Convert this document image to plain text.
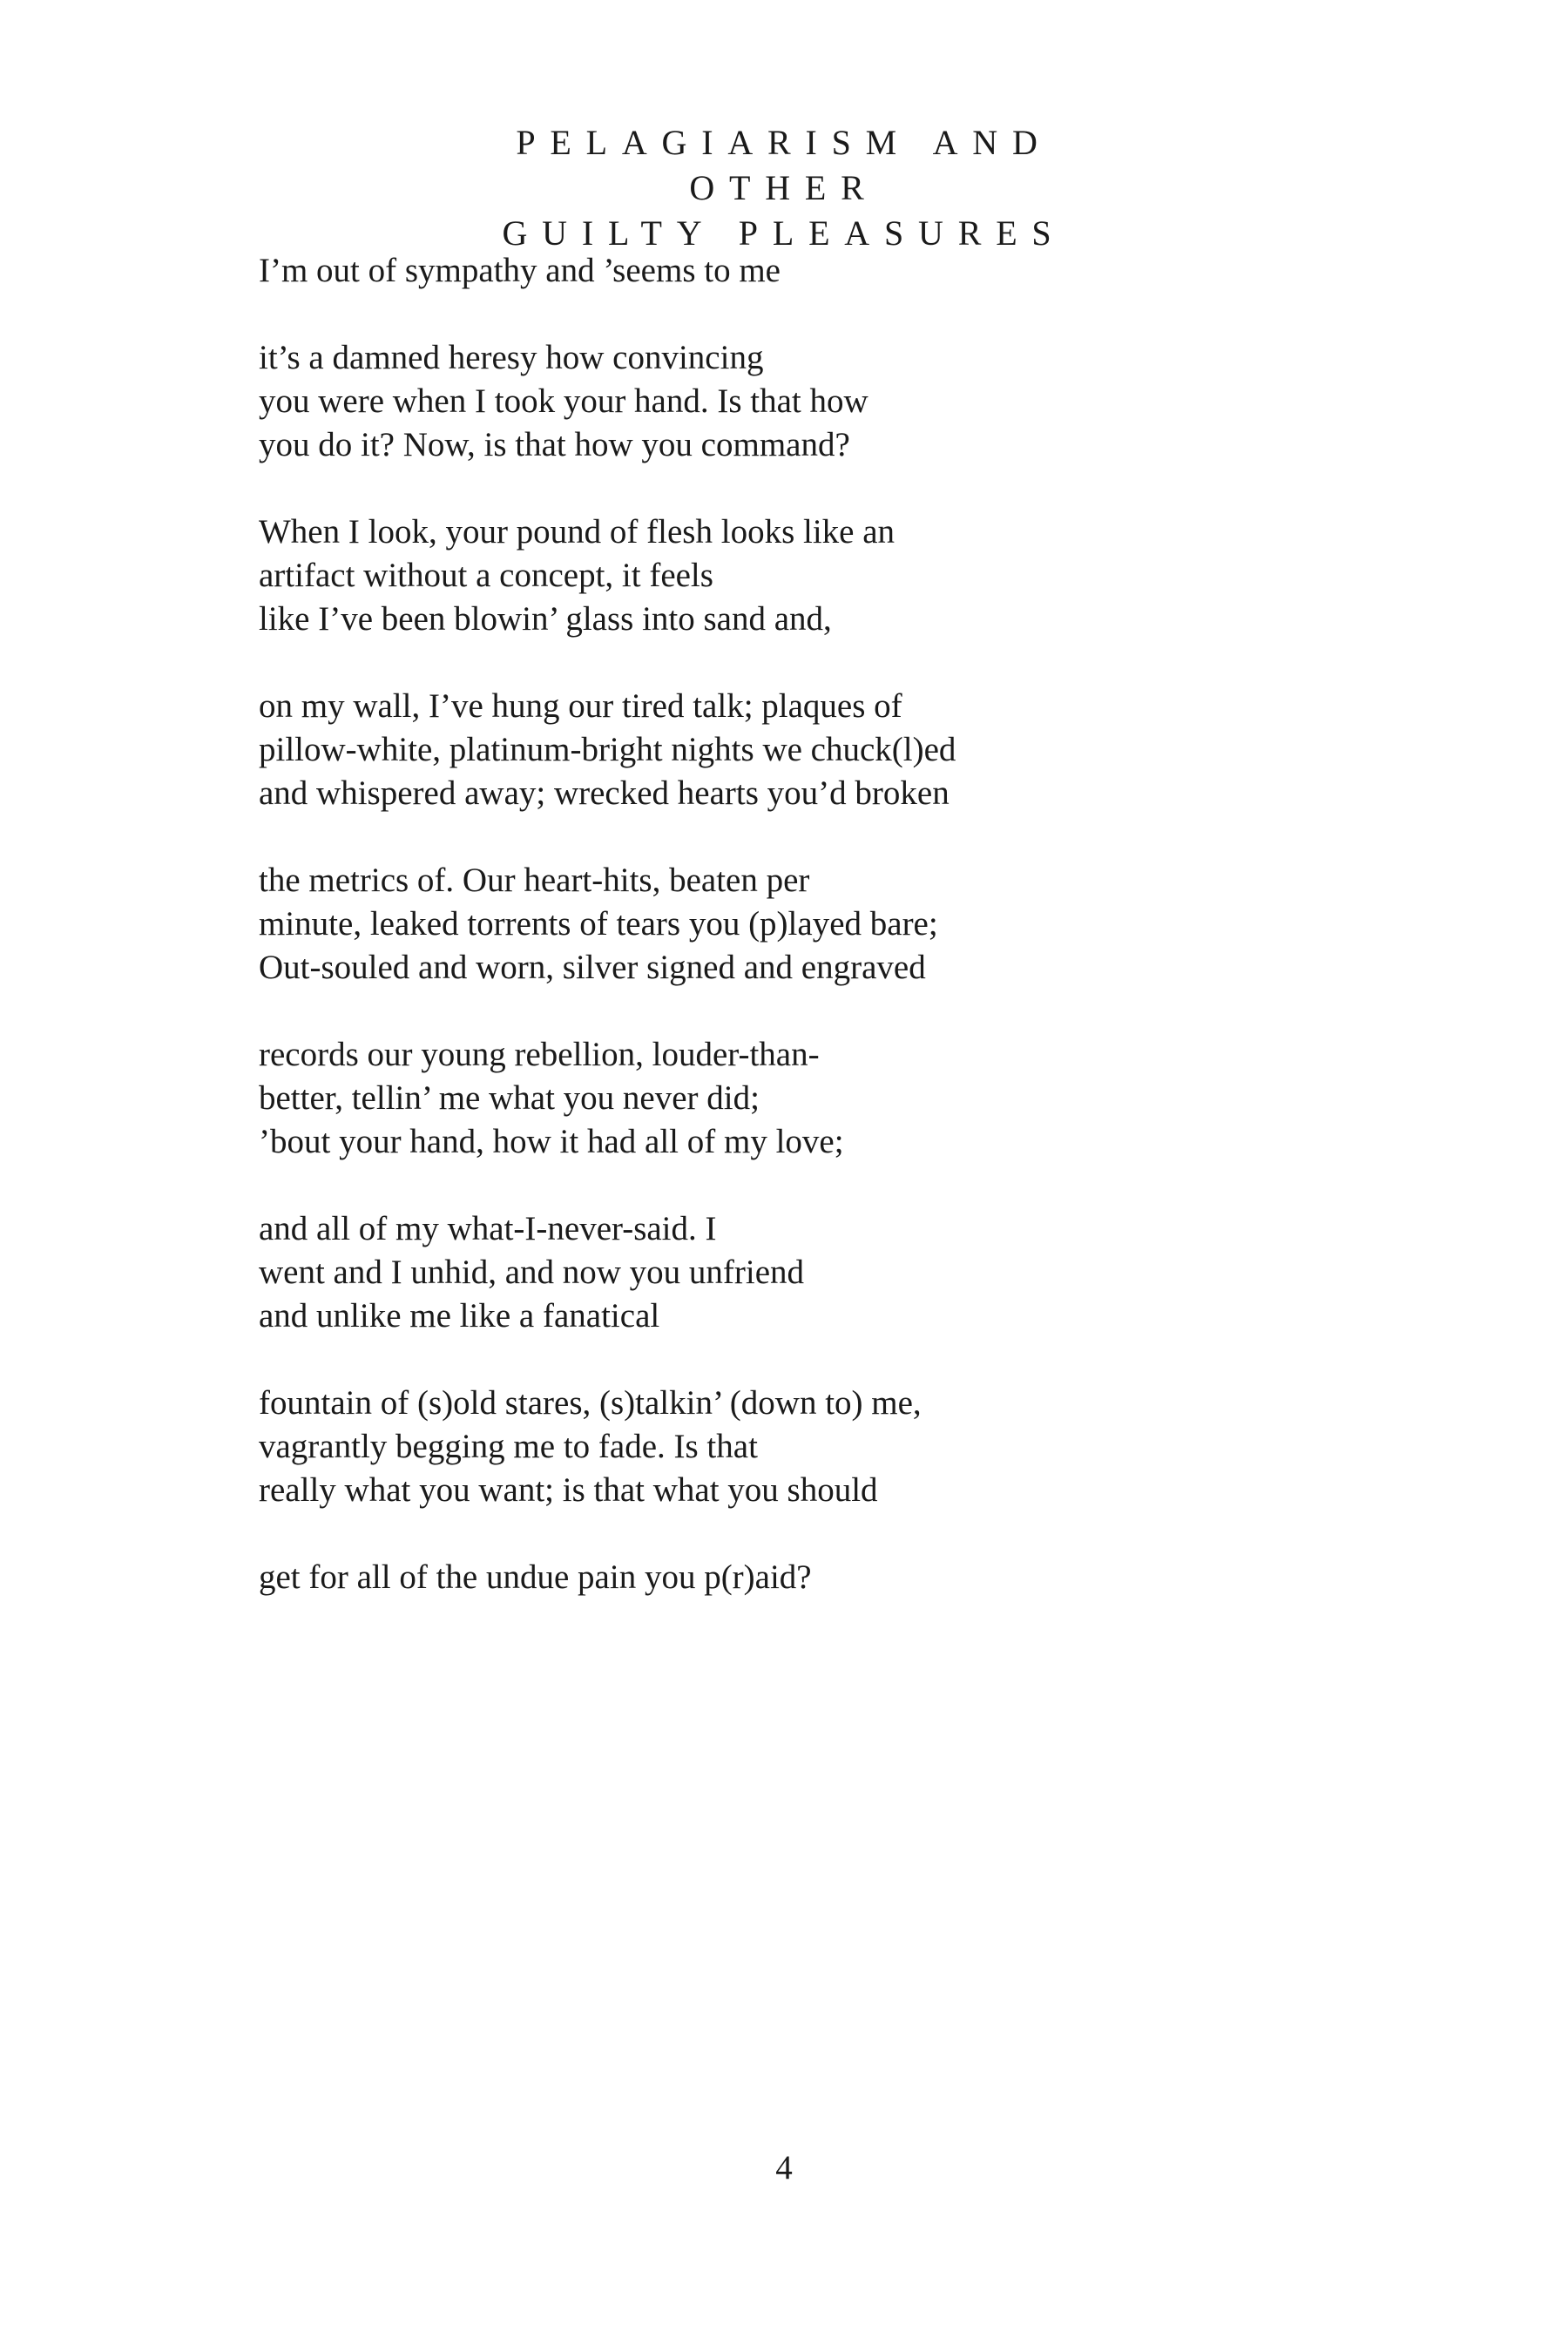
PELAGIARISM AND OTHER
GUILTY PLEASURES
I’m out of sympathy and ’seems to me
it’s a damned heresy how convincing
you were when I took your hand. Is that how
you do it? Now, is that how you command?
When I look, your pound of flesh looks like an
artifact without a concept, it feels
like I’ve been blowin’ glass into sand and,
on my wall, I’ve hung our tired talk; plaques of
pillow-white, platinum-bright nights we chuck(l)ed
and whispered away; wrecked hearts you’d broken
the metrics of. Our heart-hits, beaten per
minute, leaked torrents of tears you (p)layed bare;
Out-souled and worn, silver signed and engraved
records our young rebellion, louder-than-
better, tellin’ me what you never did;
’bout your hand, how it had all of my love;
and all of my what-I-never-said. I
went and I unhid, and now you unfriend
and unlike me like a fanatical
fountain of (s)old stares, (s)talkin’ (down to) me,
vagrantly begging me to fade. Is that
really what you want; is that what you should
get for all of the undue pain you p(r)aid?
4
